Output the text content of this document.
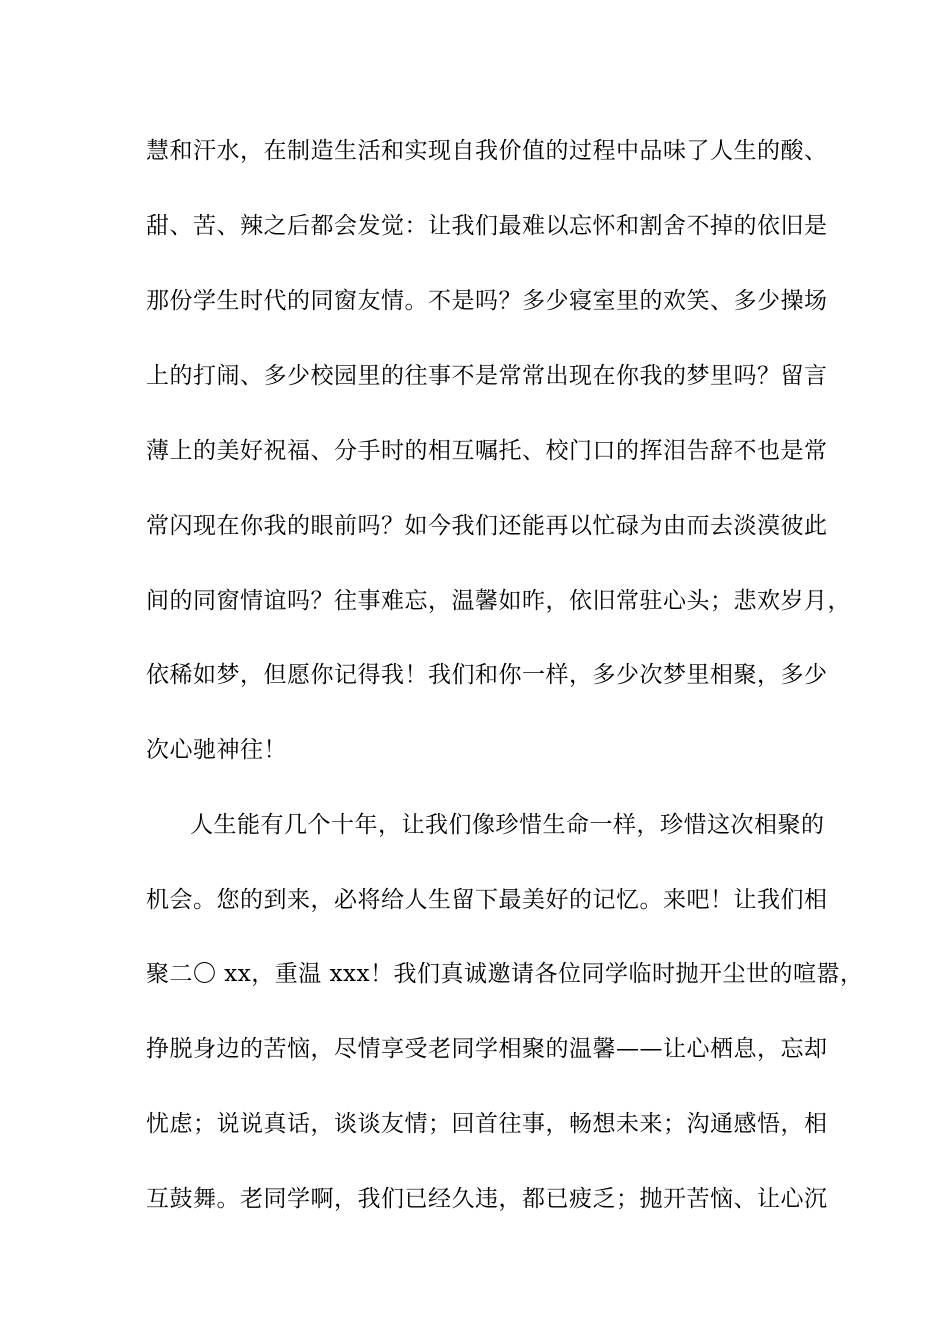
慧和汗水，在制造生活和实现自我价值的过程中品味了人生的酸、
甜、苦、辣之后都会发觉：让我们最难以忘怀和割舍不掉的依旧是
那份学生时代的同窗友情。不是吗？多少寝室里的欢笑、多少操场
上的打闹、多少校园里的往事不是常常出现在你我的梦里吗？留言
薄上的美好祝福、分手时的相互嘱托、校门口的挥泪告辞不也是常
常闪现在你我的眼前吗？如今我们还能再以忙碌为由而去淡漠彼此
间的同窗情谊吗？往事难忘，温馨如昨，依旧常驻心头；悲欢岁月，
依稀如梦，但愿你记得我！我们和你一样，多少次梦里相聚，多少
次心驰神往！
人生能有几个十年，让我们像珍惜生命一样，珍惜这次相聚的
机会。您的到来，必将给人生留下最美好的记忆。来吧！让我们相
聚二〇 xx，重温 xxx！我们真诚邀请各位同学临时抛开尘世的喧嚣，
挣脱身边的苦恼，尽情享受老同学相聚的温馨——让心栖息，忘却
忧虑；说说真话，谈谈友情；回首往事，畅想未来；沟通感悟，相
互鼓舞。老同学啊，我们已经久违，都已疲乏；抛开苦恼、让心沉
